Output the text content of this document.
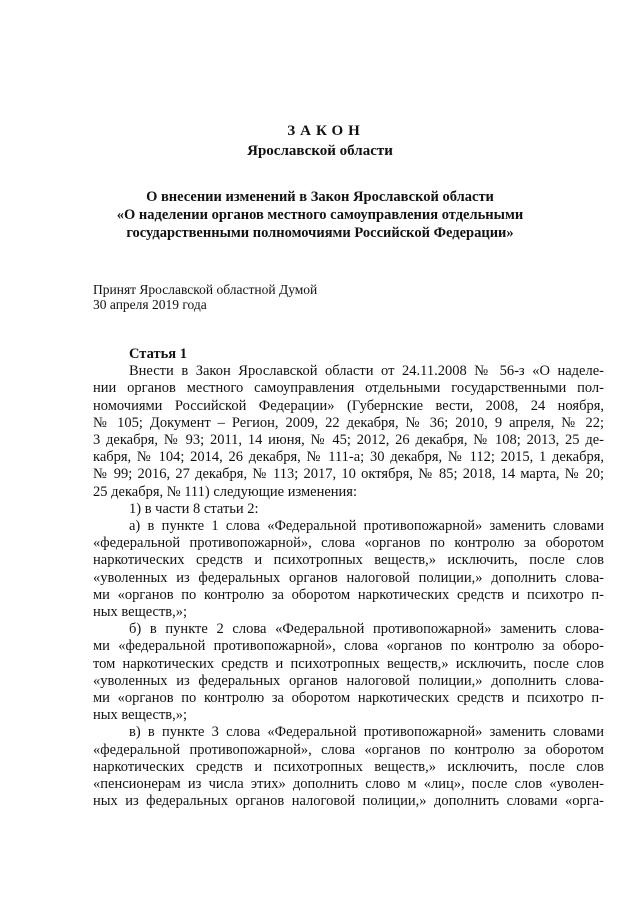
ЗАКОН
Ярославской области
О внесении изменений в Закон Ярославской области
«О наделении органов местного самоуправления отдельными
государственными полномочиями Российской Федерации»
Принят Ярославской областной Думой
30 апреля 2019 года
Статья 1
Внести в Закон Ярославской области от 24.11.2008 № 56-з «О наделе-
нии органов местного самоуправления отдельными государственными пол-
номочиями Российской Федерации» (Губернские вести, 2008, 24 ноября,
№ 105; Документ – Регион, 2009, 22 декабря, № 36; 2010, 9 апреля, № 22;
3 декабря, № 93; 2011, 14 июня, № 45; 2012, 26 декабря, № 108; 2013, 25 де-
кабря, № 104; 2014, 26 декабря, № 111-а; 30 декабря, № 112; 2015, 1 декабря,
№ 99; 2016, 27 декабря, № 113; 2017, 10 октября, № 85; 2018, 14 марта, № 20;
25 декабря, № 111) следующие изменения:
1) в части 8 статьи 2:
а) в пункте 1 слова «Федеральной противопожарной» заменить словами
«федеральной противопожарной», слова «органов по контролю за оборотом
наркотических средств и психотропных веществ,» исключить, после слов
«уволенных из федеральных органов налоговой полиции,» дополнить слова-
ми «органов по контролю за оборотом наркотических средств и психотро п-
ных веществ,»;
б) в пункте 2 слова «Федеральной противопожарной» заменить слова-
ми «федеральной противопожарной», слова «органов по контролю за оборо-
том наркотических средств и психотропных веществ,» исключить, после слов
«уволенных из федеральных органов налоговой полиции,» дополнить слова-
ми «органов по контролю за оборотом наркотических средств и психотро п-
ных веществ,»;
в) в пункте 3 слова «Федеральной противопожарной» заменить словами
«федеральной противопожарной», слова «органов по контролю за оборотом
наркотических средств и психотропных веществ,» исключить, после слов
«пенсионерам из числа этих» дополнить слово м «лиц», после слов «уволен-
ных из федеральных органов налоговой полиции,» дополнить словами «орга-
